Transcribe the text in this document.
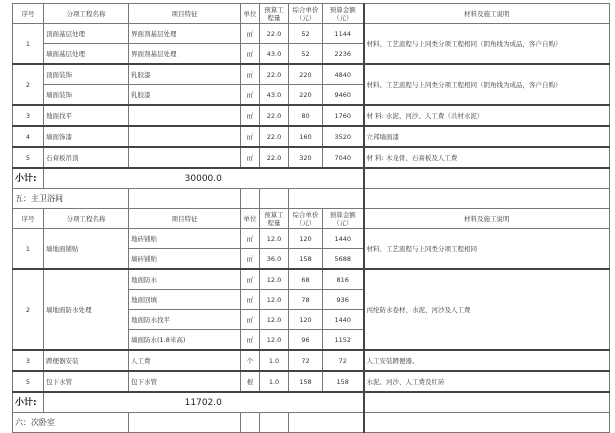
序号	分项工程名称	项目特征	单位	预算工程量	综合单价（元）	预算金额（元）	材料及施工说明
1	顶面基层处理	界面剂基层处理	㎡	22.0	52	1144	材料、工艺流程与上同类分项工程相同（阴角线为成品，客户自购）
	墙面基层处理	界面剂基层处理	㎡	43.0	52	2236	
2	顶面装饰	乳胶漆	㎡	22.0	220	4840	材料、工艺流程与上同类分项工程相同（阴角线为成品，客户自购）
	墙面装饰	乳胶漆	㎡	43.0	220	9460	
3	地面找平		㎡	22.0	80	1760	材 料: 水泥、河沙、人工费（共材水泥）
4	墙面饰漆		㎡	22.0	160	3520	立邦墙面漆
5	石膏板吊顶		㎡	22.0	320	7040	材 料: 木龙骨、石膏板及人工费
小计:	30000.0						
五：主卫浴间							
序号	分项工程名称	项目特征	单位	预算工程量	综合单价（元）	预算金额（元）	材料及施工说明
1	墙地面铺贴	地砖铺贴	㎡	12.0	120	1440	材料、工艺流程与上同类分项工程相同
		墙砖铺贴	㎡	36.0	158	5688	
2	墙地面防水处理	地面防水	㎡	12.0	68	816	丙纶防水卷材、水泥、河沙及人工费
		地面回填	㎡	12.0	78	936	
		地面防水找平	㎡	12.0	120	1440	
		墙面防水(1.8米高)	㎡	12.0	96	1152	
3	蹲便器安装	人工费	个	1.0	72	72	人工安装蹲便器。
5	包下水管	包下水管	根	1.0	158	158	水泥、河沙、人工费及红砖
小计:	11702.0						
六：次卧室							
